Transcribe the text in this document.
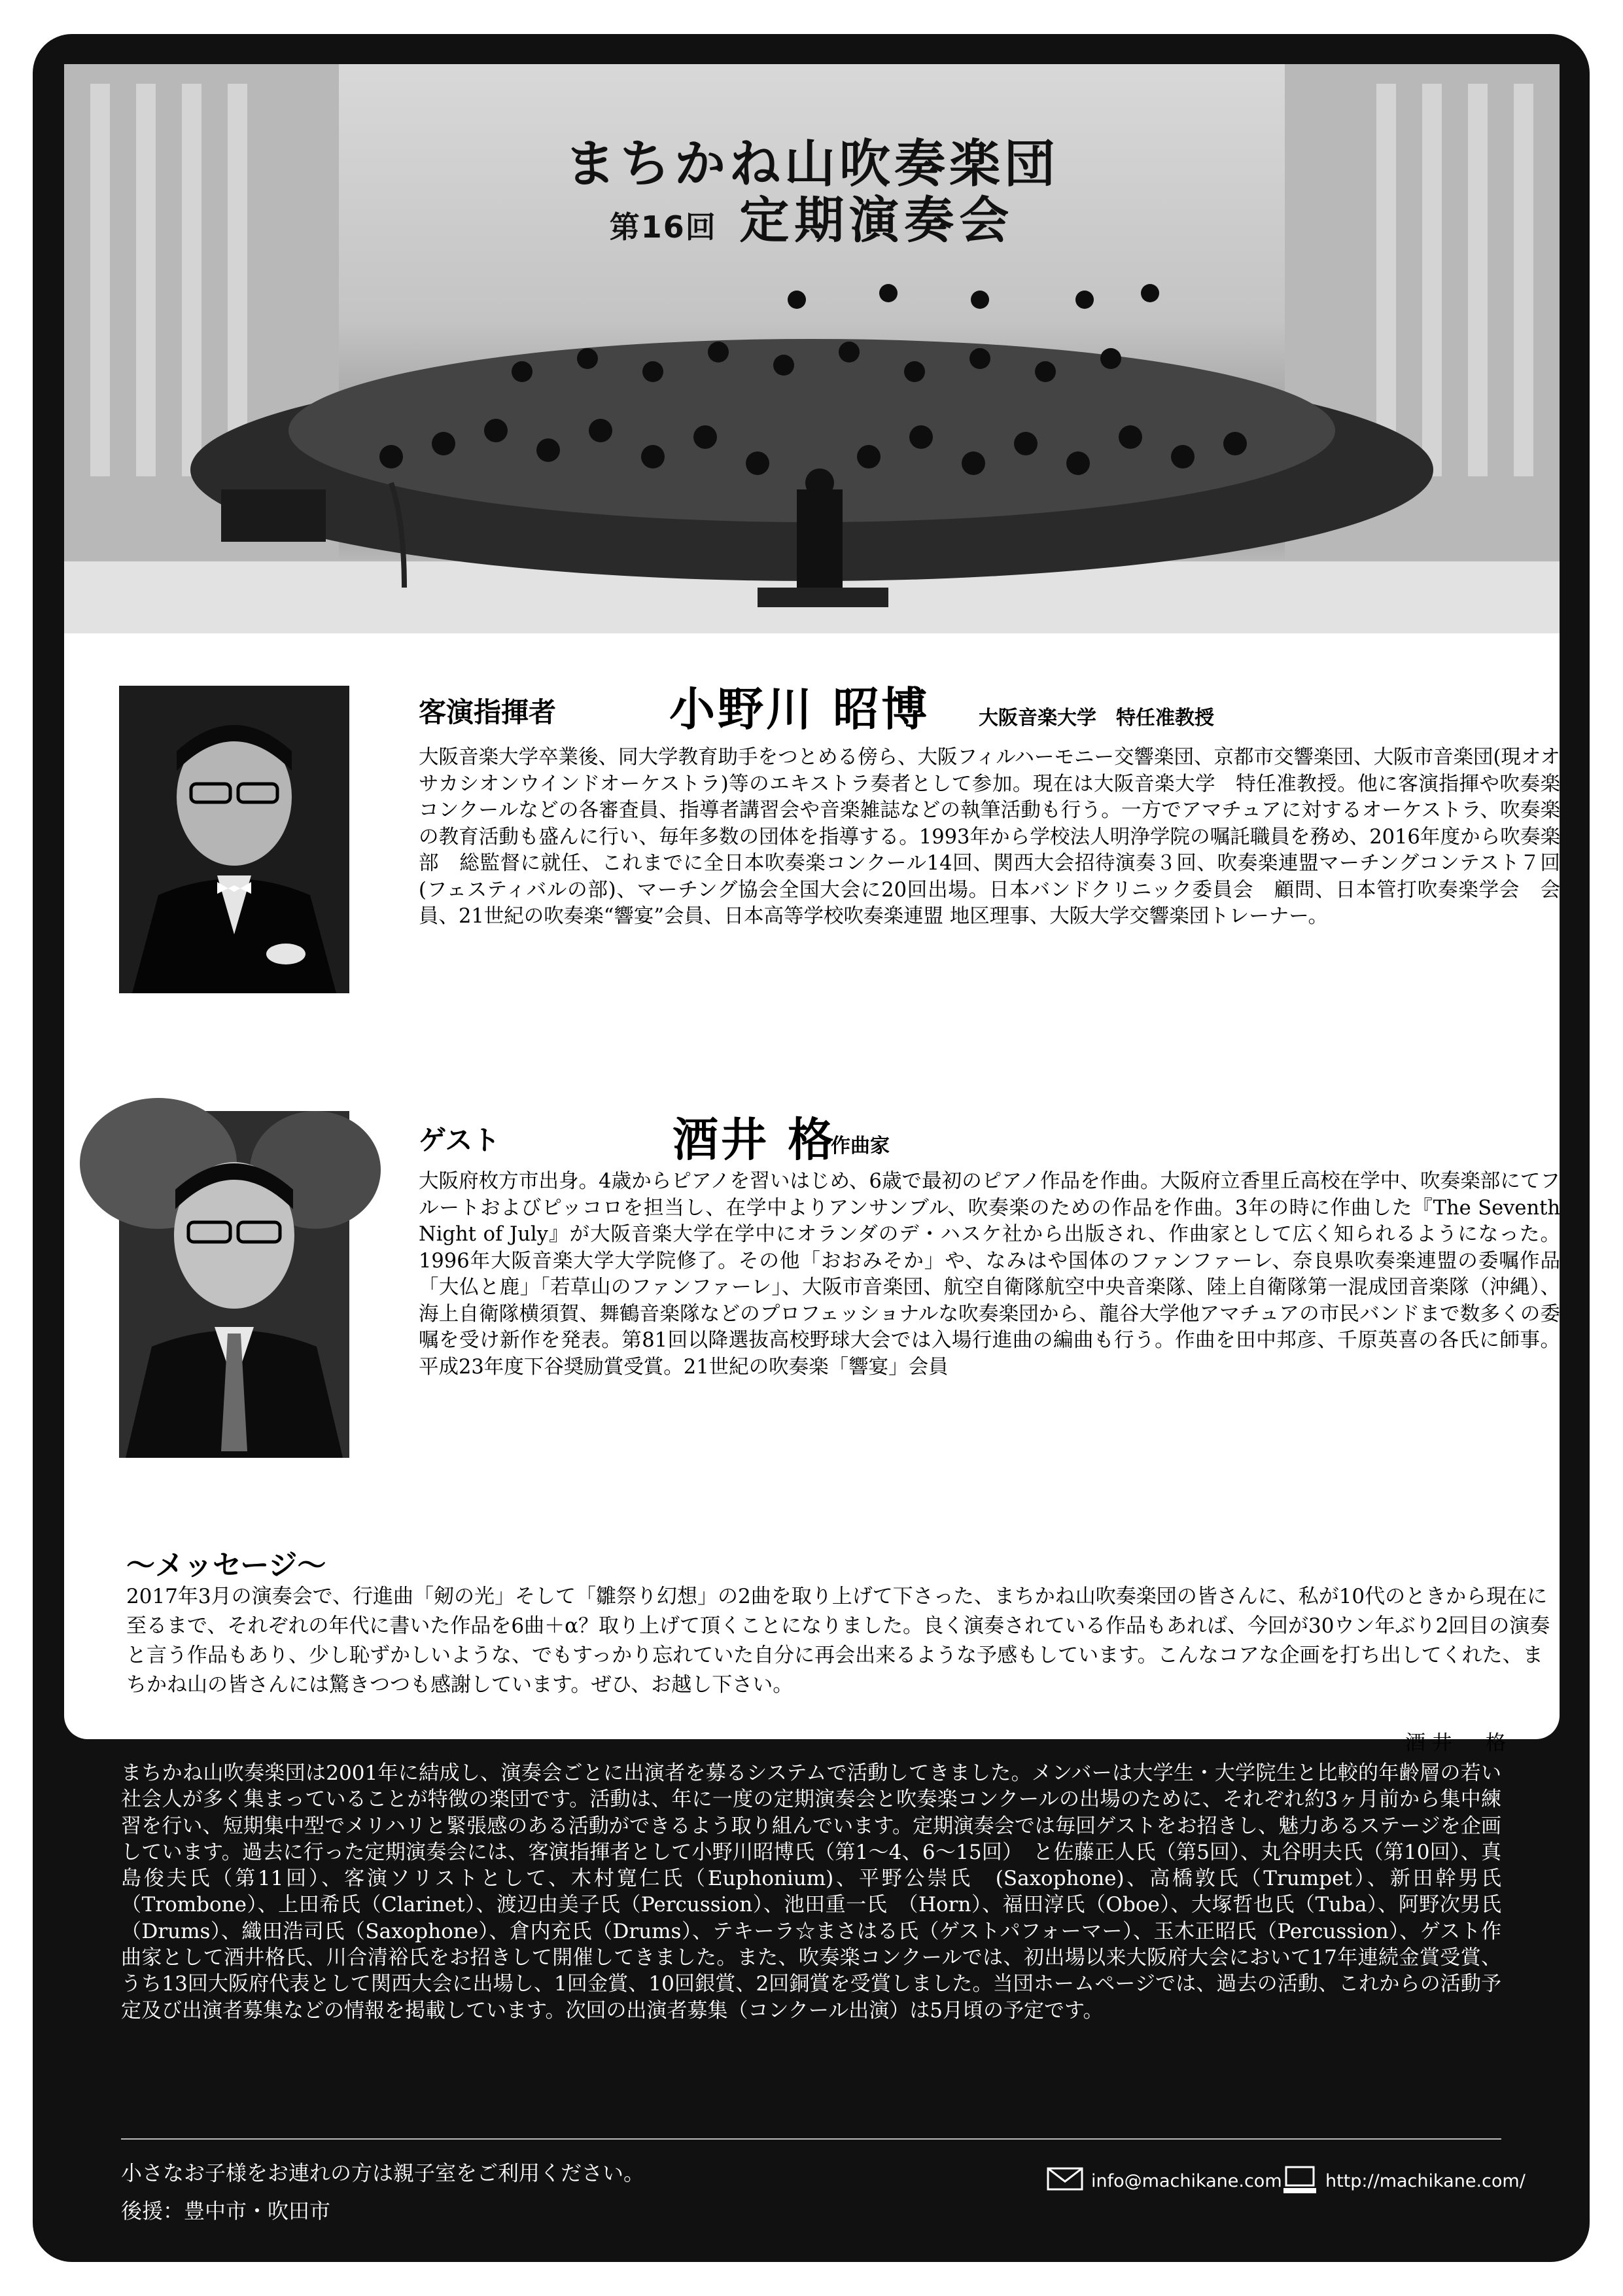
まちかね山吹奏楽団
第16回 定期演奏会
客演指揮者 小野川 昭博 大阪音楽大学　特任准教授
大阪音楽大学卒業後、同大学教育助手をつとめる傍ら、大阪フィルハーモニー交響楽団、京都市交響楽団、大阪市音楽団(現オオサカシオンウインドオーケストラ)等のエキストラ奏者として参加。現在は大阪音楽大学　特任准教授。他に客演指揮や吹奏楽コンクールなどの各審査員、指導者講習会や音楽雑誌などの執筆活動も行う。一方でアマチュアに対するオーケストラ、吹奏楽の教育活動も盛んに行い、毎年多数の団体を指導する。1993年から学校法人明浄学院の嘱託職員を務め、2016年度から吹奏楽部　総監督に就任、これまでに全日本吹奏楽コンクール14回、関西大会招待演奏３回、吹奏楽連盟マーチングコンテスト７回(フェスティバルの部)、マーチング協会全国大会に20回出場。日本バンドクリニック委員会　顧問、日本管打吹奏楽学会　会員、21世紀の吹奏楽“響宴”会員、日本高等学校吹奏楽連盟 地区理事、大阪大学交響楽団トレーナー。
ゲスト	酒井 格
作曲家
大阪府枚方市出身。4歳からピアノを習いはじめ、6歳で最初のピアノ作品を作曲。大阪府立香里丘高校在学中、吹奏楽部にてフルートおよびピッコロを担当し、在学中よりアンサンブル、吹奏楽のための作品を作曲。3年の時に作曲した『The Seventh Night of July』が大阪音楽大学在学中にオランダのデ・ハスケ社から出版され、作曲家として広く知られるようになった。1996年大阪音楽大学大学院修了。その他「おおみそか」や、なみはや国体のファンファーレ、奈良県吹奏楽連盟の委嘱作品「大仏と鹿」「若草山のファンファーレ」、大阪市音楽団、航空自衛隊航空中央音楽隊、陸上自衛隊第一混成団音楽隊（沖縄）、海上自衛隊横須賀、舞鶴音楽隊などのプロフェッショナルな吹奏楽団から、龍谷大学他アマチュアの市民バンドまで数多くの委嘱を受け新作を発表。第81回以降選抜高校野球大会では入場行進曲の編曲も行う。作曲を田中邦彦、千原英喜の各氏に師事。平成23年度下谷奨励賞受賞。21世紀の吹奏楽「響宴」会員
～メッセージ～
2017年3月の演奏会で、行進曲「剱の光」そして「雛祭り幻想」の2曲を取り上げて下さった、まちかね山吹奏楽団の皆さんに、私が10代のときから現在に至るまで、それぞれの年代に書いた作品を6曲＋α？取り上げて頂くことになりました。良く演奏されている作品もあれば、今回が30ウン年ぶり2回目の演奏と言う作品もあり、少し恥ずかしいような、でもすっかり忘れていた自分に再会出来るような予感もしています。こんなコアな企画を打ち出してくれた、まちかね山の皆さんには驚きつつも感謝しています。ぜひ、お越し下さい。
酒井　格
まちかね山吹奏楽団は2001年に結成し、演奏会ごとに出演者を募るシステムで活動してきました。メンバーは大学生・大学院生と比較的年齢層の若い社会人が多く集まっていることが特徴の楽団です。活動は、年に一度の定期演奏会と吹奏楽コンクールの出場のために、それぞれ約3ヶ月前から集中練習を行い、短期集中型でメリハリと緊張感のある活動ができるよう取り組んでいます。定期演奏会では毎回ゲストをお招きし、魅力あるステージを企画しています。過去に行った定期演奏会には、客演指揮者として小野川昭博氏（第1～4、6～15回）　と佐藤正人氏（第5回）、丸谷明夫氏（第10回）、真島俊夫氏（第11回）、客演ソリストとして、木村寛仁氏（Euphonium)、平野公崇氏　(Saxophone)、高橋敦氏（Trumpet）、新田幹男氏（Trombone）、上田希氏（Clarinet）、渡辺由美子氏（Percussion）、池田重一氏　（Horn）、福田淳氏（Oboe）、大塚哲也氏（Tuba）、阿野次男氏（Drums）、織田浩司氏（Saxophone）、倉内充氏（Drums）、テキーラ☆まさはる氏（ゲストパフォーマー）、玉木正昭氏（Percussion）、ゲスト作曲家として酒井格氏、川合清裕氏をお招きして開催してきました。また、吹奏楽コンクールでは、初出場以来大阪府大会において17年連続金賞受賞、うち13回大阪府代表として関西大会に出場し、1回金賞、10回銀賞、2回銅賞を受賞しました。当団ホームページでは、過去の活動、これからの活動予定及び出演者募集などの情報を掲載しています。次回の出演者募集（コンクール出演）は5月頃の予定です。
小さなお子様をお連れの方は親子室をご利用ください。
後援：豊中市・吹田市
info@machikane.com http://machikane.com/
